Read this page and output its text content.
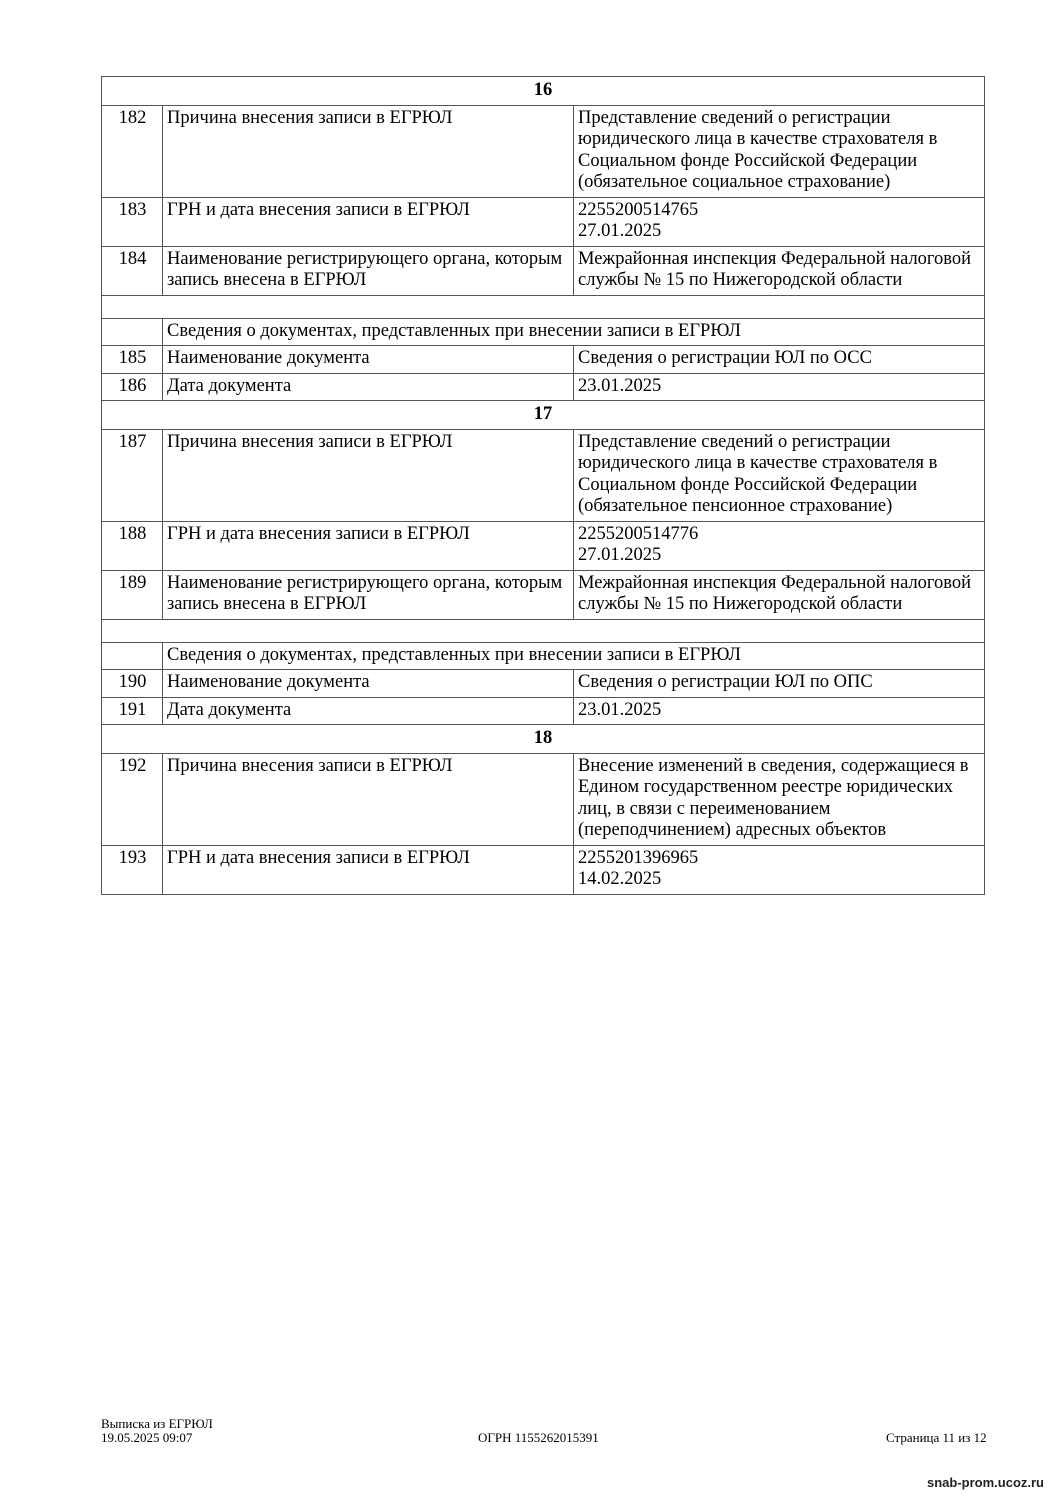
16		
182	Причина внесения записи в ЕГРЮЛ	Представление сведений о регистрации юридического лица в качестве страхователя в Социальном фонде Российской Федерации (обязательное социальное страхование)
183	ГРН и дата внесения записи в ЕГРЮЛ	2255200514765
27.01.2025
184	Наименование регистрирующего органа, которым запись внесена в ЕГРЮЛ	Межрайонная инспекция Федеральной налоговой службы № 15 по Нижегородской области

	Сведения о документах, представленных при внесении записи в ЕГРЮЛ	
185	Наименование документа	Сведения о регистрации ЮЛ по ОСС
186	Дата документа	23.01.2025
17		
187	Причина внесения записи в ЕГРЮЛ	Представление сведений о регистрации юридического лица в качестве страхователя в Социальном фонде Российской Федерации (обязательное пенсионное страхование)
188	ГРН и дата внесения записи в ЕГРЮЛ	2255200514776
27.01.2025
189	Наименование регистрирующего органа, которым запись внесена в ЕГРЮЛ	Межрайонная инспекция Федеральной налоговой службы № 15 по Нижегородской области

	Сведения о документах, представленных при внесении записи в ЕГРЮЛ	
190	Наименование документа	Сведения о регистрации ЮЛ по ОПС
191	Дата документа	23.01.2025
18		
192	Причина внесения записи в ЕГРЮЛ	Внесение изменений в сведения, содержащиеся в Едином государственном реестре юридических лиц, в связи с переименованием (переподчинением) адресных объектов
193	ГРН и дата внесения записи в ЕГРЮЛ	2255201396965
14.02.2025
Выписка из ЕГРЮЛ
19.05.2025 09:07	ОГРН 1155262015391	Страница 11 из 12
snab-prom.ucoz.ru
